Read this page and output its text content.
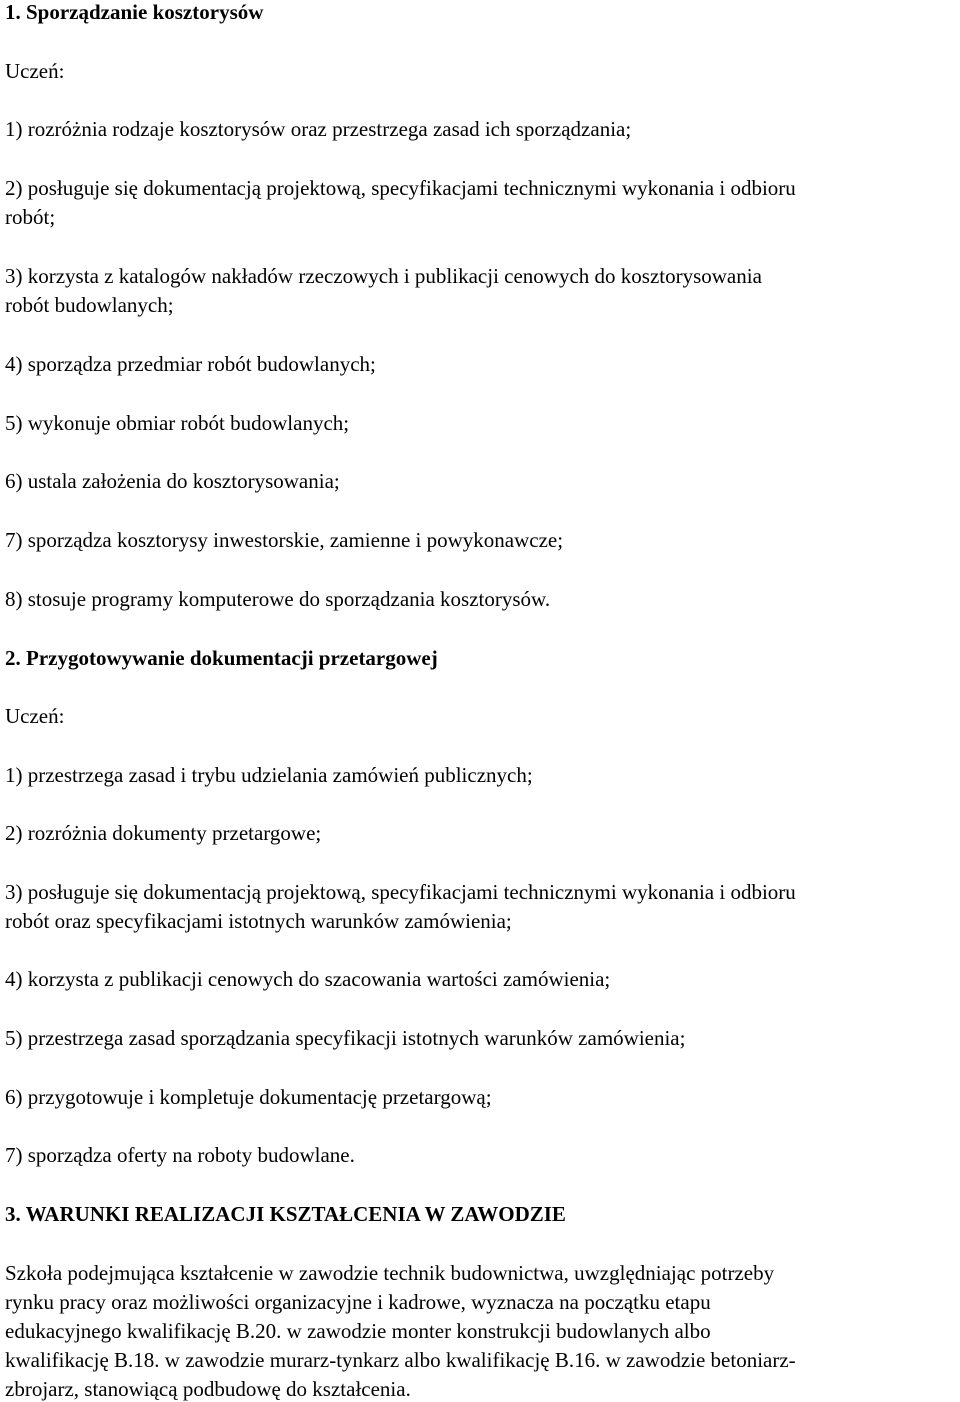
1. Sporządzanie kosztorysów
Uczeń:
1) rozróżnia rodzaje kosztorysów oraz przestrzega zasad ich sporządzania;
2) posługuje się dokumentacją projektową, specyfikacjami technicznymi wykonania i odbioru
robót;
3) korzysta z katalogów nakładów rzeczowych i publikacji cenowych do kosztorysowania
robót budowlanych;
4) sporządza przedmiar robót budowlanych;
5) wykonuje obmiar robót budowlanych;
6) ustala założenia do kosztorysowania;
7) sporządza kosztorysy inwestorskie, zamienne i powykonawcze;
8) stosuje programy komputerowe do sporządzania kosztorysów.
2. Przygotowywanie dokumentacji przetargowej
Uczeń:
1) przestrzega zasad i trybu udzielania zamówień publicznych;
2) rozróżnia dokumenty przetargowe;
3) posługuje się dokumentacją projektową, specyfikacjami technicznymi wykonania i odbioru
robót oraz specyfikacjami istotnych warunków zamówienia;
4) korzysta z publikacji cenowych do szacowania wartości zamówienia;
5) przestrzega zasad sporządzania specyfikacji istotnych warunków zamówienia;
6) przygotowuje i kompletuje dokumentację przetargową;
7) sporządza oferty na roboty budowlane.
3. WARUNKI REALIZACJI KSZTAŁCENIA W ZAWODZIE
Szkoła podejmująca kształcenie w zawodzie technik budownictwa, uwzględniając potrzeby
rynku pracy oraz możliwości organizacyjne i kadrowe, wyznacza na początku etapu
edukacyjnego kwalifikację B.20. w zawodzie monter konstrukcji budowlanych albo
kwalifikację B.18. w zawodzie murarz-tynkarz albo kwalifikację B.16. w zawodzie betoniarz-
zbrojarz, stanowiącą podbudowę do kształcenia.
